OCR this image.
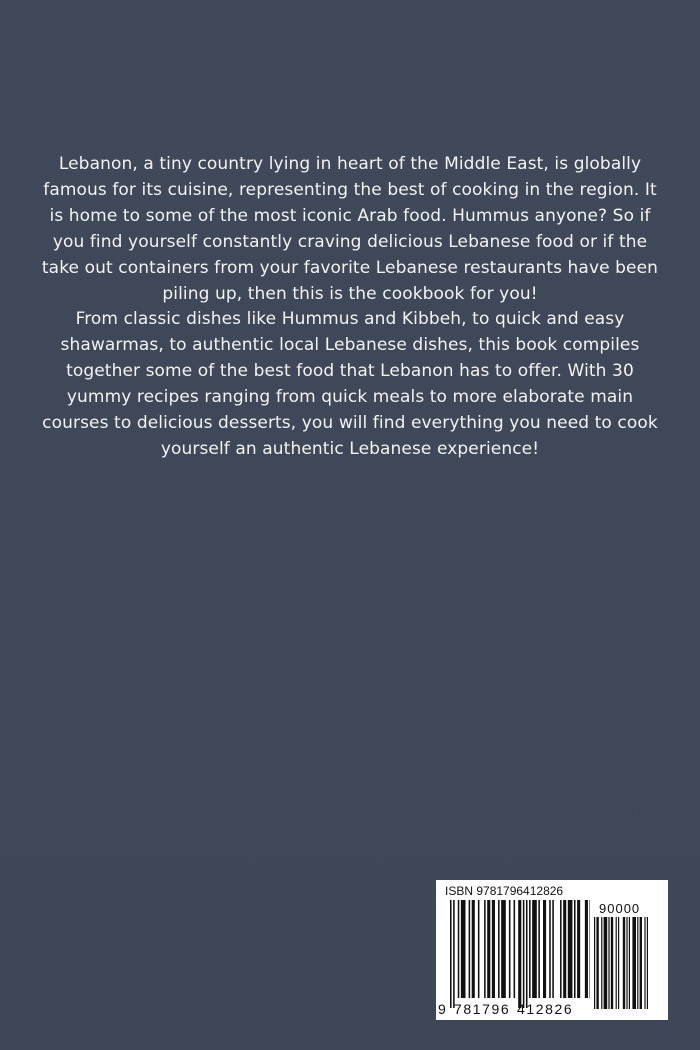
Lebanon, a tiny country lying in heart of the Middle East, is globally famous for its cuisine, representing the best of cooking in the region. It is home to some of the most iconic Arab food. Hummus anyone? So if you find yourself constantly craving delicious Lebanese food or if the take out containers from your favorite Lebanese restaurants have been piling up, then this is the cookbook for you!

From classic dishes like Hummus and Kibbeh, to quick and easy shawarmas, to authentic local Lebanese dishes, this book compiles together some of the best food that Lebanon has to offer. With 30 yummy recipes ranging from quick meals to more elaborate main courses to delicious desserts, you will find everything you need to cook yourself an authentic Lebanese experience!

ISBN 9781796412826
90000
9 781796 412826
